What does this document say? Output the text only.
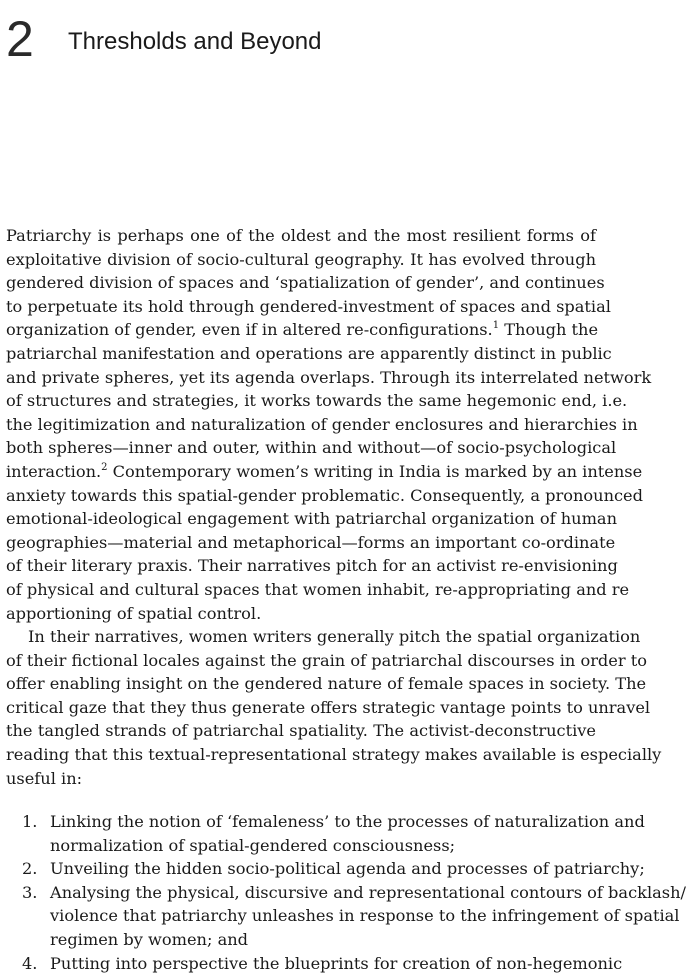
2 Thresholds and Beyond
Patriarchy is perhaps one of the oldest and the most resilient forms of
exploitative division of socio-cultural geography. It has evolved through
gendered division of spaces and ‘spatialization of gender’, and continues
to perpetuate its hold through gendered-investment of spaces and spatial
organization of gender, even if in altered re-configurations.$^1$ Though the
patriarchal manifestation and operations are apparently distinct in public
and private spheres, yet its agenda overlaps. Through its interrelated network
of structures and strategies, it works towards the same hegemonic end, i.e.
the legitimization and naturalization of gender enclosures and hierarchies in
both spheres—inner and outer, within and without—of socio-psychological
interaction.$^2$ Contemporary women’s writing in India is marked by an intense
anxiety towards this spatial-gender problematic. Consequently, a pronounced
emotional-ideological engagement with patriarchal organization of human
geographies—material and metaphorical—forms an important co-ordinate
of their literary praxis. Their narratives pitch for an activist re-envisioning
of physical and cultural spaces that women inhabit, re-appropriating and re
apportioning of spatial control.
In their narratives, women writers generally pitch the spatial organization
of their fictional locales against the grain of patriarchal discourses in order to
offer enabling insight on the gendered nature of female spaces in society. The
critical gaze that they thus generate offers strategic vantage points to unravel
the tangled strands of patriarchal spatiality. The activist-deconstructive
reading that this textual-representational strategy makes available is especially
useful in:
1. Linking the notion of ‘femaleness’ to the processes of naturalization and
normalization of spatial-gendered consciousness;
2. Unveiling the hidden socio-political agenda and processes of patriarchy;
3. Analysing the physical, discursive and representational contours of backlash/
violence that patriarchy unleashes in response to the infringement of spatial
regimen by women; and
4. Putting into perspective the blueprints for creation of non-hegemonic
